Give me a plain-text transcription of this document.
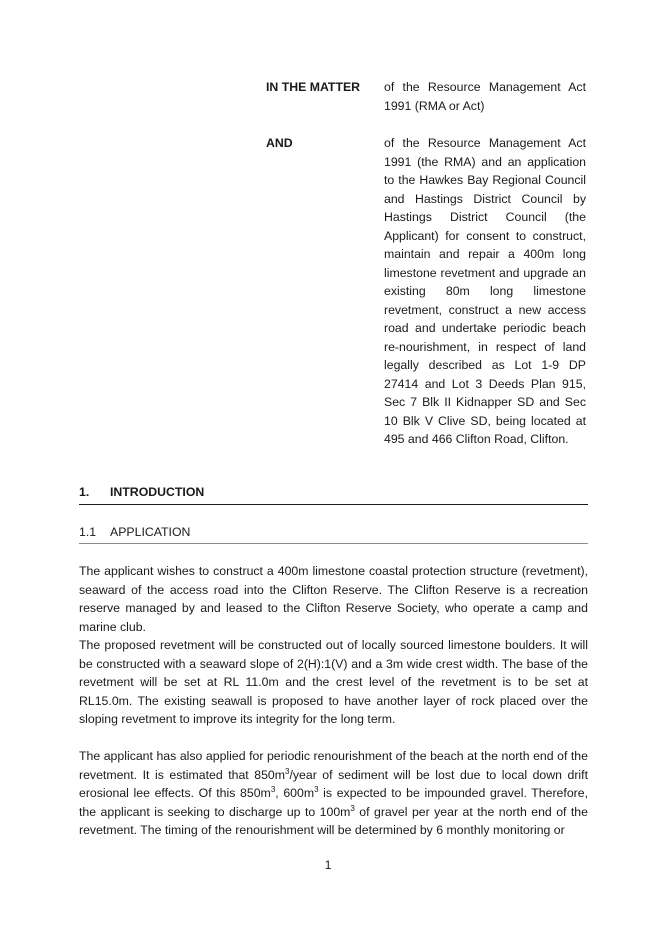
IN THE MATTER of the Resource Management Act 1991 (RMA or Act)
AND	of the Resource Management Act 1991 (the RMA) and an application to the Hawkes Bay Regional Council and Hastings District Council by Hastings District Council (the Applicant) for consent to construct, maintain and repair a 400m long limestone revetment and upgrade an existing 80m long limestone revetment, construct a new access road and undertake periodic beach re-nourishment, in respect of land legally described as Lot 1-9 DP 27414 and Lot 3 Deeds Plan 915, Sec 7 Blk II Kidnapper SD and Sec 10 Blk V Clive SD, being located at 495 and 466 Clifton Road, Clifton.
1. INTRODUCTION
1.1 APPLICATION

The applicant wishes to construct a 400m limestone coastal protection structure (revetment), seaward of the access road into the Clifton Reserve. The Clifton Reserve is a recreation reserve managed by and leased to the Clifton Reserve Society, who operate a camp and marine club.

The proposed revetment will be constructed out of locally sourced limestone boulders. It will be constructed with a seaward slope of 2(H):1(V) and a 3m wide crest width. The base of the revetment will be set at RL 11.0m and the crest level of the revetment is to be set at RL15.0m. The existing seawall is proposed to have another layer of rock placed over the sloping revetment to improve its integrity for the long term.

The applicant has also applied for periodic renourishment of the beach at the north end of the revetment. It is estimated that $850m^3$/year of sediment will be lost due to local down drift erosional lee effects. Of this $850m^3$, $600m^3$ is expected to be impounded gravel. Therefore, the applicant is seeking to discharge up to $100m^3$ of gravel per year at the north end of the revetment. The timing of the renourishment will be determined by 6 monthly monitoring or

1
